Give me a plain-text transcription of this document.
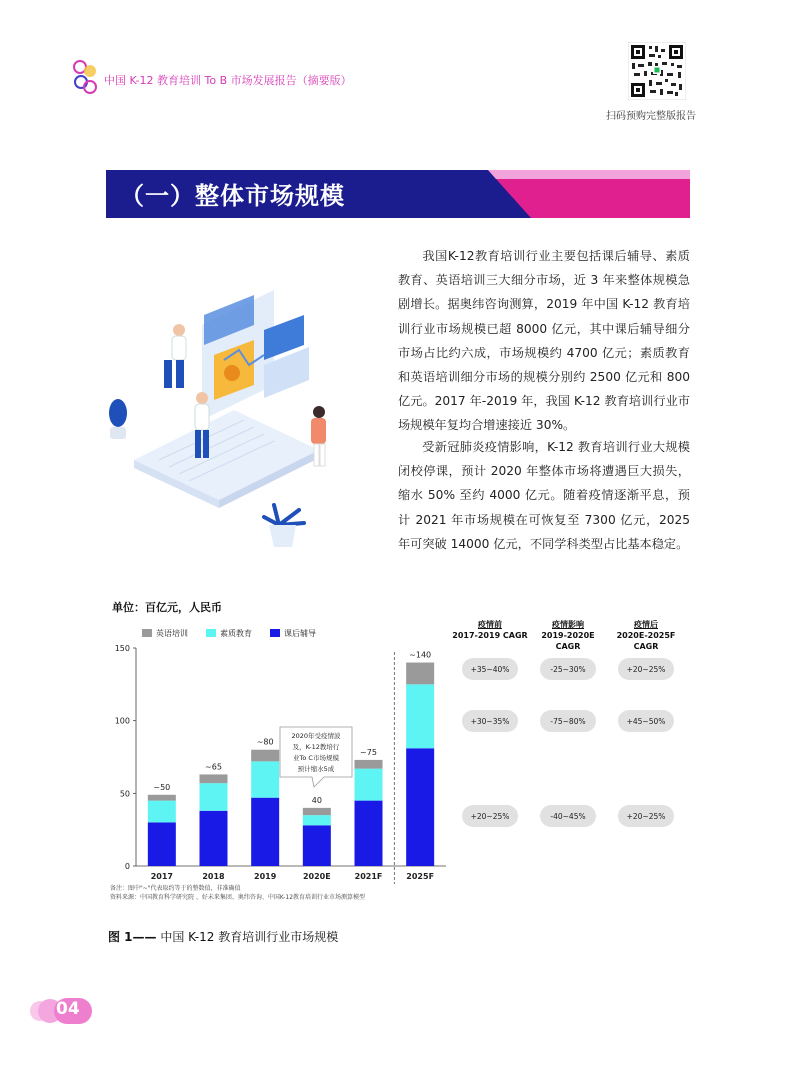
中国 K-12 教育培训 To B 市场发展报告（摘要版）
扫码预购完整版报告
（一）整体市场规模
我国K-12教育培训行业主要包括课后辅导、素质教育、英语培训三大细分市场，近 3 年来整体规模急剧增长。据奥纬咨询测算，2019 年中国 K-12 教育培训行业市场规模已超 8000 亿元，其中课后辅导细分市场占比约六成，市场规模约 4700 亿元；素质教育和英语培训细分市场的规模分别约 2500 亿元和 800 亿元。2017 年-2019 年，我国 K-12 教育培训行业市场规模年复均合增速接近 30%。
受新冠肺炎疫情影响，K-12 教育培训行业大规模闭校停课，预计 2020 年整体市场将遭遇巨大损失，缩水 50% 至约 4000 亿元。随着疫情逐渐平息，预计 2021 年市场规模在可恢复至 7300 亿元，2025 年可突破 14000 亿元，不同学科类型占比基本稳定。
单位：百亿元，人民币
0
50
100
150
英语培训	素质教育	课后辅导
~50
2017
~65
2018
~80
2019
40
2020E
~75
2021F
~140
2025F
2020年受疫情波
及，K-12教培行
业To C市场规模
预计缩水5成
疫情前
2017-2019 CAGR
疫情影响
2019-2020E CAGR
疫情后
2020E-2025F CAGR
+35~40%	-25~30%	+20~25%
+30~35%	-75~80%	+45~50%
+20~25%	-40~45%	+20~25%
备注：图中"~"代表取约等于的整数值，非准确值
资料来源：中国教育科学研究院 、好未来集团、奥纬咨询、中国K-12教育培训行业市场测算模型
图 1—— 中国 K-12 教育培训行业市场规模
04
